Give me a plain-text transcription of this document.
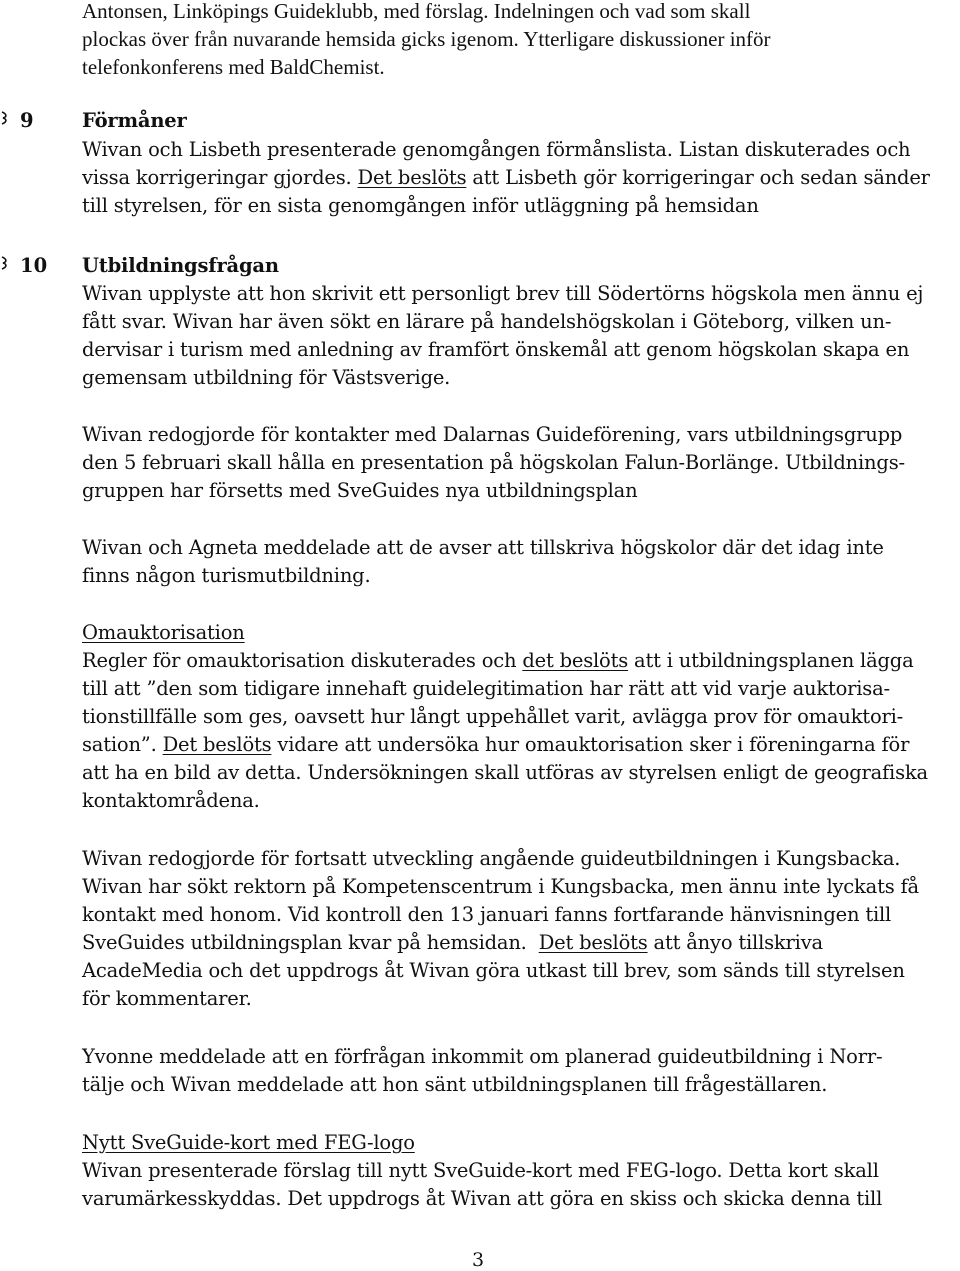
Antonsen, Linköpings Guideklubb, med förslag. Indelningen och vad som skall
plockas över från nuvarande hemsida gicks igenom. Ytterligare diskussioner inför
telefonkonferens med BaldChemist.
9 Förmåner
Wivan och Lisbeth presenterade genomgången förmånslista. Listan diskuterades och
vissa korrigeringar gjordes. Det beslöts att Lisbeth gör korrigeringar och sedan sänder
till styrelsen, för en sista genomgången inför utläggning på hemsidan
10 Utbildningsfrågan
Wivan upplyste att hon skrivit ett personligt brev till Södertörns högskola men ännu ej
fått svar. Wivan har även sökt en lärare på handelshögskolan i Göteborg, vilken un-
dervisar i turism med anledning av framfört önskemål att genom högskolan skapa en
gemensam utbildning för Västsverige.
Wivan redogjorde för kontakter med Dalarnas Guideförening, vars utbildningsgrupp
den 5 februari skall hålla en presentation på högskolan Falun-Borlänge. Utbildnings-
gruppen har försetts med SveGuides nya utbildningsplan
Wivan och Agneta meddelade att de avser att tillskriva högskolor där det idag inte
finns någon turismutbildning.
Omauktorisation
Regler för omauktorisation diskuterades och det beslöts att i utbildningsplanen lägga
till att ”den som tidigare innehaft guidelegitimation har rätt att vid varje auktorisa-
tionstillfälle som ges, oavsett hur långt uppehållet varit, avlägga prov för omauktori-
sation”. Det beslöts vidare att undersöka hur omauktorisation sker i föreningarna för
att ha en bild av detta. Undersökningen skall utföras av styrelsen enligt de geografiska
kontaktområdena.
Wivan redogjorde för fortsatt utveckling angående guideutbildningen i Kungsbacka.
Wivan har sökt rektorn på Kompetenscentrum i Kungsbacka, men ännu inte lyckats få
kontakt med honom. Vid kontroll den 13 januari fanns fortfarande hänvisningen till
SveGuides utbildningsplan kvar på hemsidan.  Det beslöts att ånyo tillskriva
AcadeMedia och det uppdrogs åt Wivan göra utkast till brev, som sänds till styrelsen
för kommentarer.
Yvonne meddelade att en förfrågan inkommit om planerad guideutbildning i Norr-
tälje och Wivan meddelade att hon sänt utbildningsplanen till frågeställaren.
Nytt SveGuide-kort med FEG-logo
Wivan presenterade förslag till nytt SveGuide-kort med FEG-logo. Detta kort skall
varumärkesskyddas. Det uppdrogs åt Wivan att göra en skiss och skicka denna till
3
